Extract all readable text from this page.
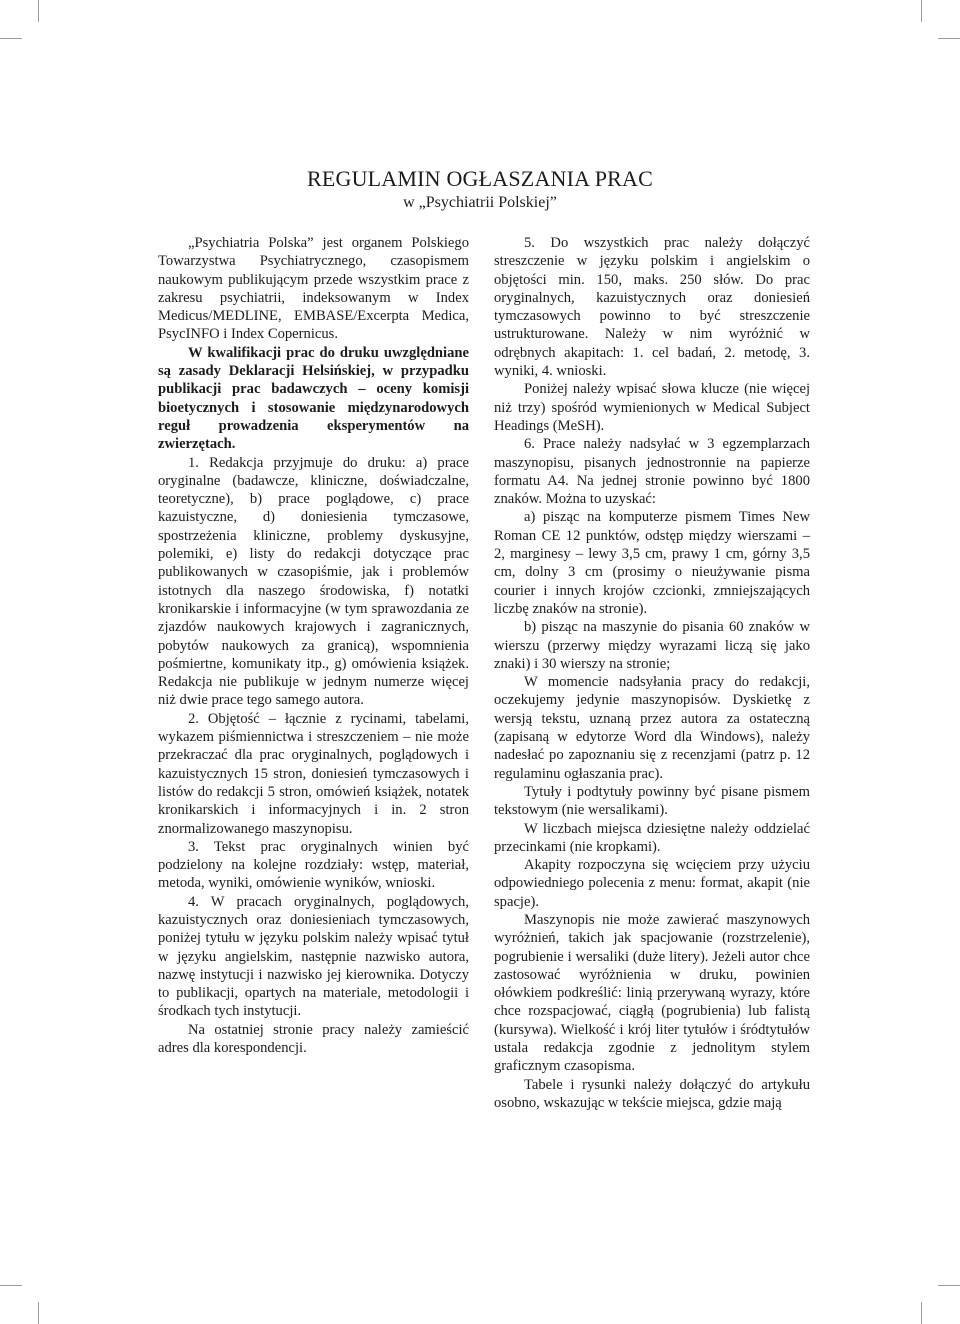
REGULAMIN OGŁASZANIA PRAC
w „Psychiatrii Polskiej”

„Psychiatria Polska” jest organem Polskiego Towarzystwa Psychiatrycznego, czasopismem naukowym publikującym przede wszystkim prace z zakresu psychiatrii, indeksowanym w Index Medicus/MEDLINE, EMBASE/Excerpta Medica, PsycINFO i Index Copernicus.

W kwalifikacji prac do druku uwzględniane są zasady Deklaracji Helsińskiej, w przypadku publikacji prac badawczych – oceny komisji bioetycznych i stosowanie międzynarodowych reguł prowadzenia eksperymentów na zwierzętach.

1. Redakcja przyjmuje do druku: a) prace oryginalne (badawcze, kliniczne, doświadczalne, teoretyczne), b) prace poglądowe, c) prace kazuistyczne, d) doniesienia tymczasowe, spostrzeżenia kliniczne, problemy dyskusyjne, polemiki, e) listy do redakcji dotyczące prac publikowanych w czasopiśmie, jak i problemów istotnych dla naszego środowiska, f) notatki kronikarskie i informacyjne (w tym sprawozdania ze zjazdów naukowych krajowych i zagranicznych, pobytów naukowych za granicą), wspomnienia pośmiertne, komunikaty itp., g) omówienia książek. Redakcja nie publikuje w jednym numerze więcej niż dwie prace tego samego autora.

2. Objętość – łącznie z rycinami, tabelami, wykazem piśmiennictwa i streszczeniem – nie może przekraczać dla prac oryginalnych, poglądowych i kazuistycznych 15 stron, doniesień tymczasowych i listów do redakcji 5 stron, omówień książek, notatek kronikarskich i informacyjnych i in. 2 stron znormalizowanego maszynopisu.

3. Tekst prac oryginalnych winien być podzielony na kolejne rozdziały: wstęp, materiał, metoda, wyniki, omówienie wyników, wnioski.

4. W pracach oryginalnych, poglądowych, kazuistycznych oraz doniesieniach tymczasowych, poniżej tytułu w języku polskim należy wpisać tytuł w języku angielskim, następnie nazwisko autora, nazwę instytucji i nazwisko jej kierownika. Dotyczy to publikacji, opartych na materiale, metodologii i środkach tych instytucji.

Na ostatniej stronie pracy należy zamieścić adres dla korespondencji.

5. Do wszystkich prac należy dołączyć streszczenie w języku polskim i angielskim o objętości min. 150, maks. 250 słów. Do prac oryginalnych, kazuistycznych oraz doniesień tymczasowych powinno to być streszczenie ustrukturowane. Należy w nim wyróżnić w odrębnych akapitach: 1. cel badań, 2. metodę, 3. wyniki, 4. wnioski.

Poniżej należy wpisać słowa klucze (nie więcej niż trzy) spośród wymienionych w Medical Subject Headings (MeSH).

6. Prace należy nadsyłać w 3 egzemplarzach maszynopisu, pisanych jednostronnie na papierze formatu A4. Na jednej stronie powinno być 1800 znaków. Można to uzyskać:

a) pisząc na komputerze pismem Times New Roman CE 12 punktów, odstęp między wierszami – 2, marginesy – lewy 3,5 cm, prawy 1 cm, górny 3,5 cm, dolny 3 cm (prosimy o nieużywanie pisma courier i innych krojów czcionki, zmniejszających liczbę znaków na stronie).

b) pisząc na maszynie do pisania 60 znaków w wierszu (przerwy między wyrazami liczą się jako znaki) i 30 wierszy na stronie;

W momencie nadsyłania pracy do redakcji, oczekujemy jedynie maszynopisów. Dyskietkę z wersją tekstu, uznaną przez autora za ostateczną (zapisaną w edytorze Word dla Windows), należy nadesłać po zapoznaniu się z recenzjami (patrz p. 12 regulaminu ogłaszania prac).

Tytuły i podtytuły powinny być pisane pismem tekstowym (nie wersalikami).

W liczbach miejsca dziesiętne należy oddzielać przecinkami (nie kropkami).

Akapity rozpoczyna się wcięciem przy użyciu odpowiedniego polecenia z menu: format, akapit (nie spacje).

Maszynopis nie może zawierać maszynowych wyróżnień, takich jak spacjowanie (rozstrzelenie), pogrubienie i wersaliki (duże litery). Jeżeli autor chce zastosować wyróżnienia w druku, powinien ołówkiem podkreślić: linią przerywaną wyrazy, które chce rozspacjować, ciągłą (pogrubienia) lub falistą (kursywa). Wielkość i krój liter tytułów i śródtytułów ustala redakcja zgodnie z jednolitym stylem graficznym czasopisma.

Tabele i rysunki należy dołączyć do artykułu osobno, wskazując w tekście miejsca, gdzie mają
